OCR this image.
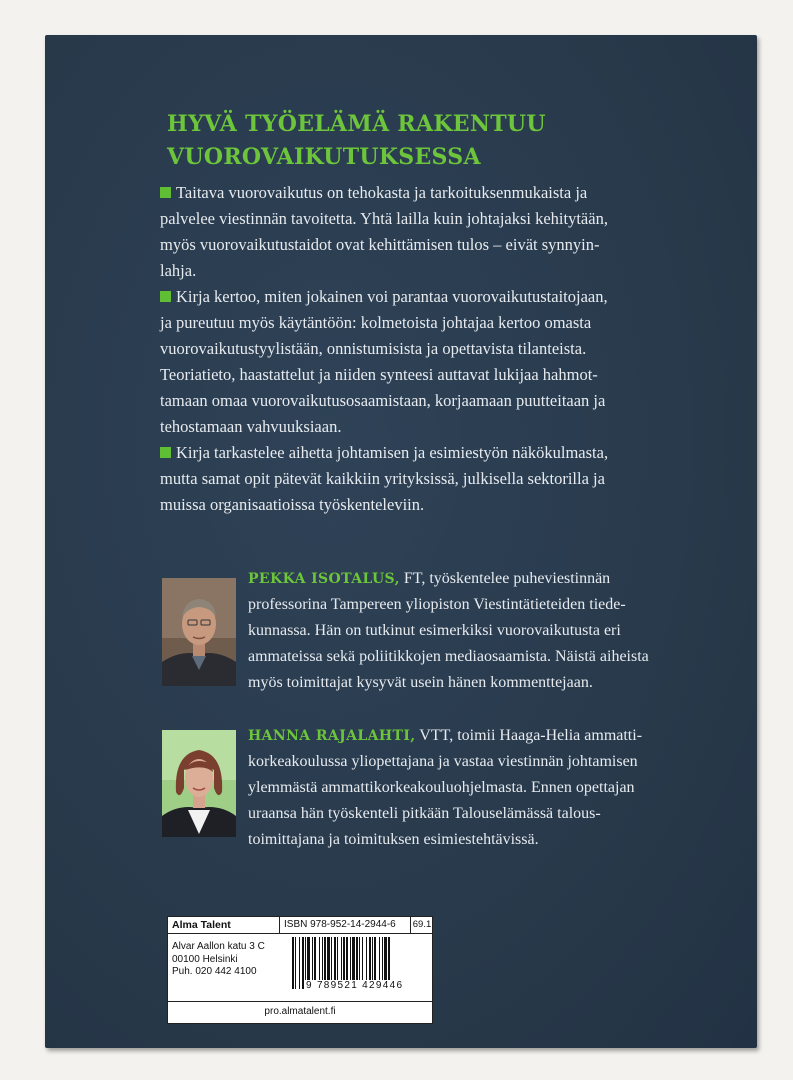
HYVÄ TYÖELÄMÄ RAKENTUU
VUOROVAIKUTUKSESSA
Taitava vuorovaikutus on tehokasta ja tarkoituksenmukaista ja
palvelee viestinnän tavoitetta. Yhtä lailla kuin johtajaksi kehitytään,
myös vuorovaikutustaidot ovat kehittämisen tulos – eivät synnyin-
lahja.
Kirja kertoo, miten jokainen voi parantaa vuorovaikutustaitojaan,
ja pureutuu myös käytäntöön: kolmetoista johtajaa kertoo omasta
vuorovaikutustyylistään, onnistumisista ja opettavista tilanteista.
Teoriatieto, haastattelut ja niiden synteesi auttavat lukijaa hahmot-
tamaan omaa vuorovaikutusosaamistaan, korjaamaan puutteitaan ja
tehostamaan vahvuuksiaan.
Kirja tarkastelee aihetta johtamisen ja esimiestyön näkökulmasta,
mutta samat opit pätevät kaikkiin yrityksissä, julkisella sektorilla ja
muissa organisaatioissa työskenteleviin.
PEKKA ISOTALUS, FT, työskentelee puheviestinnän
professorina Tampereen yliopiston Viestintätieteiden tiede-
kunnassa. Hän on tutkinut esimerkiksi vuorovaikutusta eri
ammateissa sekä poliitikkojen mediaosaamista. Näistä aiheista
myös toimittajat kysyvät usein hänen kommenttejaan.
HANNA RAJALAHTI, VTT, toimii Haaga-Helia ammatti-
korkeakoulussa yliopettajana ja vastaa viestinnän johtamisen
ylemmästä ammattikorkeakouluohjelmasta. Ennen opettajan
uraansa hän työskenteli pitkään Talouselämässä talous-
toimittajana ja toimituksen esimiestehtävissä.
Alma Talent	ISBN 978-952-14-2944-6	69.1
Alvar Aallon katu 3 C
00100 Helsinki
Puh. 020 442 4100
9 789521 429446
pro.almatalent.fi
